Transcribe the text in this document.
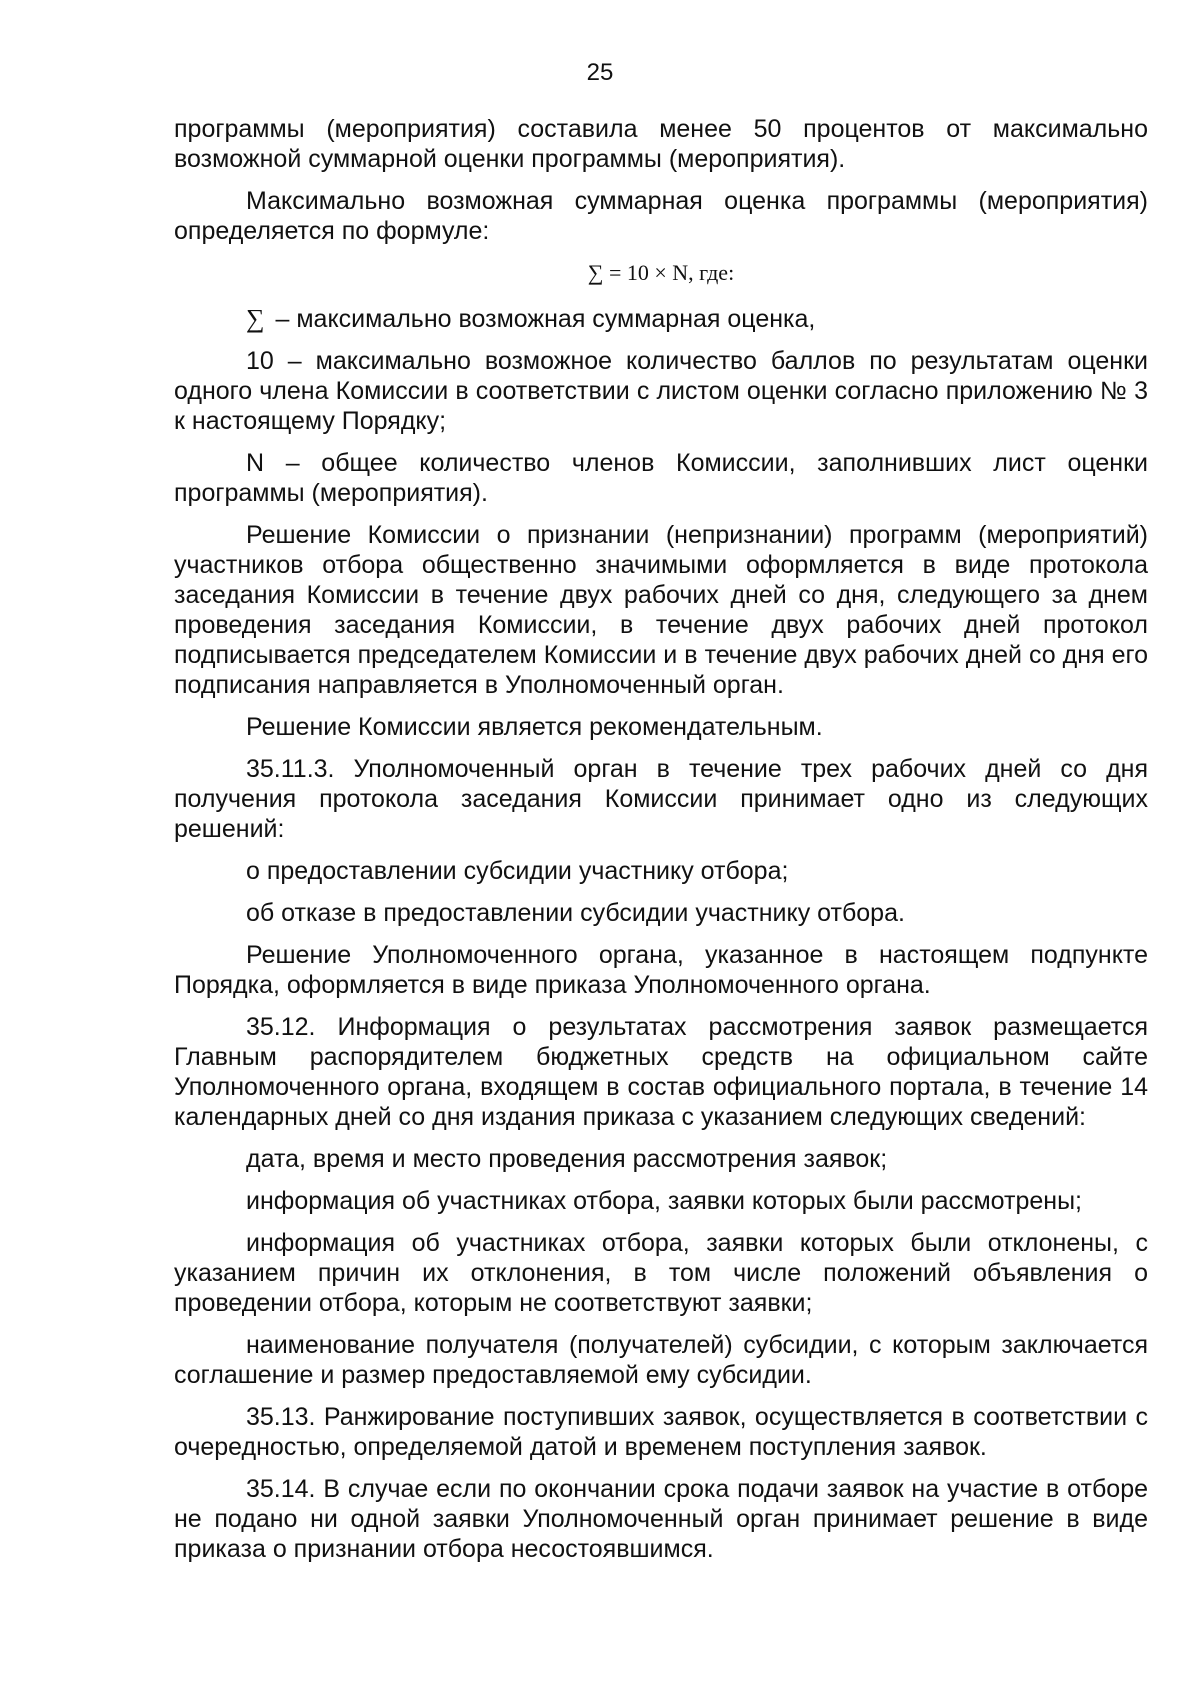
25

программы (мероприятия) составила менее 50 процентов от максимально возможной суммарной оценки программы (мероприятия).

Максимально возможная суммарная оценка программы (мероприятия) определяется по формуле:

∑ = 10 × N, где:

∑ – максимально возможная суммарная оценка,

10 – максимально возможное количество баллов по результатам оценки одного члена Комиссии в соответствии с листом оценки согласно приложению № 3 к настоящему Порядку;

N – общее количество членов Комиссии, заполнивших лист оценки программы (мероприятия).

Решение Комиссии о признании (непризнании) программ (мероприятий) участников отбора общественно значимыми оформляется в виде протокола заседания Комиссии в течение двух рабочих дней со дня, следующего за днем проведения заседания Комиссии, в течение двух рабочих дней протокол подписывается председателем Комиссии и в течение двух рабочих дней со дня его подписания направляется в Уполномоченный орган.

Решение Комиссии является рекомендательным.

35.11.3. Уполномоченный орган в течение трех рабочих дней со дня получения протокола заседания Комиссии принимает одно из следующих решений:

о предоставлении субсидии участнику отбора;

об отказе в предоставлении субсидии участнику отбора.

Решение Уполномоченного органа, указанное в настоящем подпункте Порядка, оформляется в виде приказа Уполномоченного органа.

35.12. Информация о результатах рассмотрения заявок размещается Главным распорядителем бюджетных средств на официальном сайте Уполномоченного органа, входящем в состав официального портала, в течение 14 календарных дней со дня издания приказа с указанием следующих сведений:

дата, время и место проведения рассмотрения заявок;

информация об участниках отбора, заявки которых были рассмотрены;

информация об участниках отбора, заявки которых были отклонены, с указанием причин их отклонения, в том числе положений объявления о проведении отбора, которым не соответствуют заявки;

наименование получателя (получателей) субсидии, с которым заключается соглашение и размер предоставляемой ему субсидии.

35.13. Ранжирование поступивших заявок, осуществляется в соответствии с очередностью, определяемой датой и временем поступления заявок.

35.14. В случае если по окончании срока подачи заявок на участие в отборе не подано ни одной заявки Уполномоченный орган принимает решение в виде приказа о признании отбора несостоявшимся.
